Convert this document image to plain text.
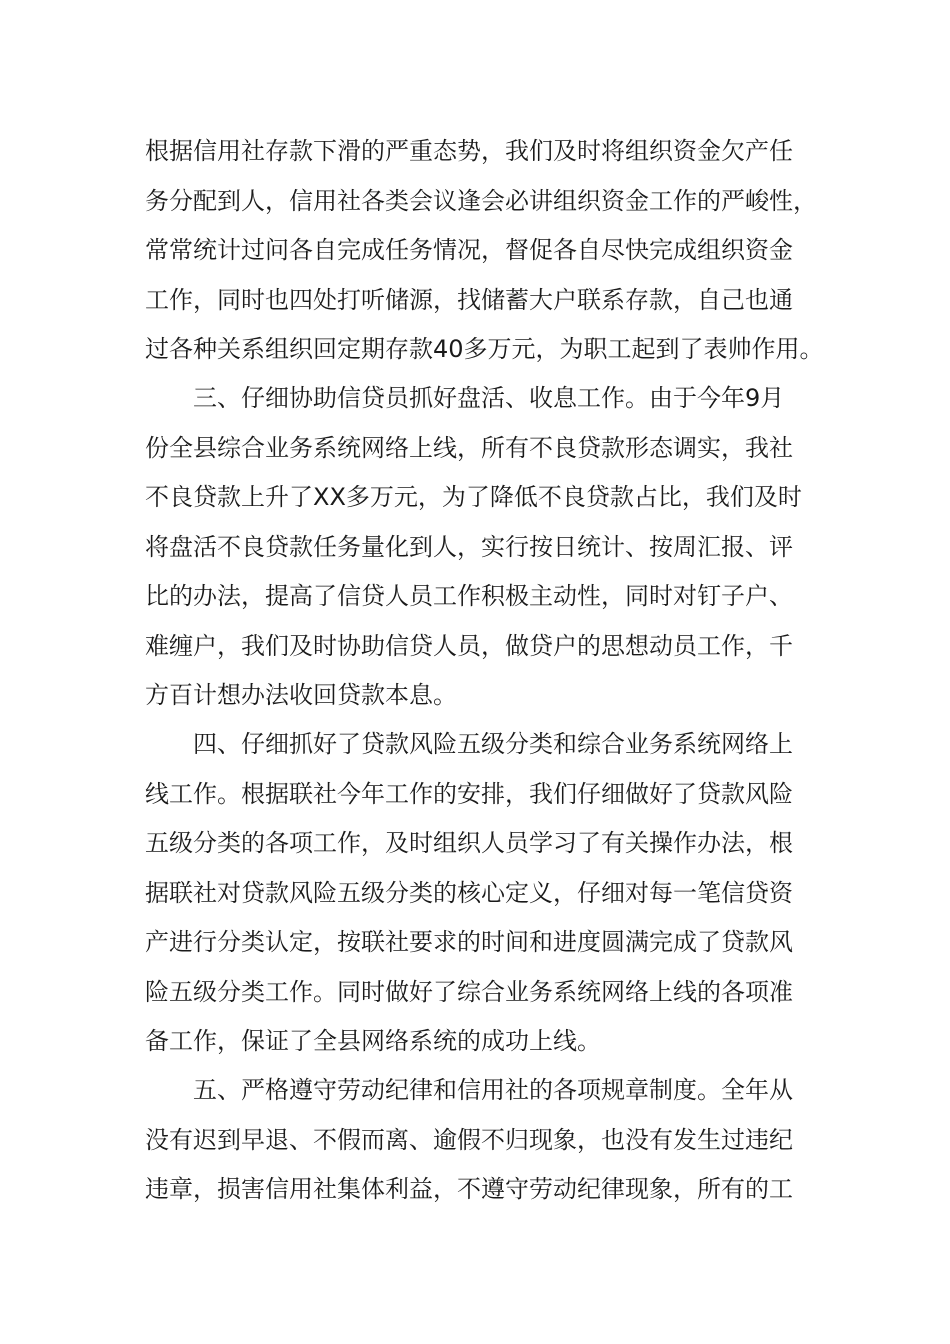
根据信用社存款下滑的严重态势，我们及时将组织资金欠产任
务分配到人，信用社各类会议逢会必讲组织资金工作的严峻性，
常常统计过问各自完成任务情况，督促各自尽快完成组织资金
工作，同时也四处打听储源，找储蓄大户联系存款，自己也通
过各种关系组织回定期存款40多万元，为职工起到了表帅作用。
　　三、仔细协助信贷员抓好盘活、收息工作。由于今年9月
份全县综合业务系统网络上线，所有不良贷款形态调实，我社
不良贷款上升了XX多万元，为了降低不良贷款占比，我们及时
将盘活不良贷款任务量化到人，实行按日统计、按周汇报、评
比的办法，提高了信贷人员工作积极主动性，同时对钉子户、
难缠户，我们及时协助信贷人员，做贷户的思想动员工作，千
方百计想办法收回贷款本息。
　　四、仔细抓好了贷款风险五级分类和综合业务系统网络上
线工作。根据联社今年工作的安排，我们仔细做好了贷款风险
五级分类的各项工作，及时组织人员学习了有关操作办法，根
据联社对贷款风险五级分类的核心定义，仔细对每一笔信贷资
产进行分类认定，按联社要求的时间和进度圆满完成了贷款风
险五级分类工作。同时做好了综合业务系统网络上线的各项准
备工作，保证了全县网络系统的成功上线。
　　五、严格遵守劳动纪律和信用社的各项规章制度。全年从
没有迟到早退、不假而离、逾假不归现象，也没有发生过违纪
违章，损害信用社集体利益，不遵守劳动纪律现象，所有的工
